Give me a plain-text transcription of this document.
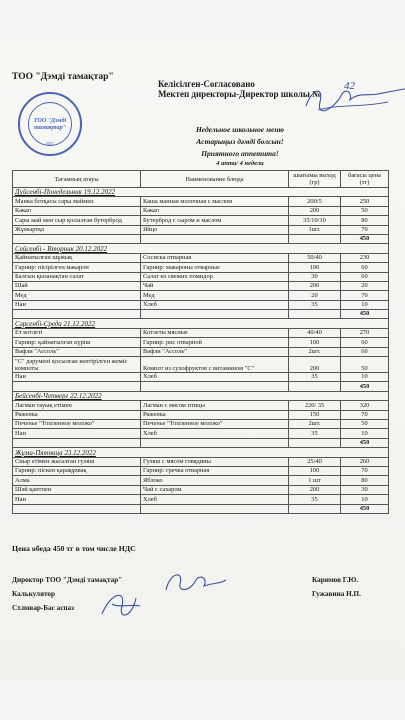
ТОО "Дэмді тамақтар"
Келісілген-Согласовано
Мектеп директоры-Директор школы №
ТОО "Дэмді тамақтар"
НДС
42
Недельное школьное меню
Астарыңыз дәмді болсын!
Приятного аппетита!
4 апта/ 4 недели
Тағамның атауы	Наименование блюда	шығымы выход (гр)	бағасы цена (тг)
Дүйсенбі-Понедельник 19.12.2022			
Манка ботқасы сары маймен	Каша манная молочная с маслом	200/5	250
Какао	Какао	200	50
Сары май мен сыр қосылған бутерброд	Бутерброд с сыром и маслом	35/10/10	80
Жұмыртқа	Яйцо	1шт.	70
			450
Сейсенбі - Вторник 20.12.2022			
Қайнатылған шұжық	Сосиска отварная	50/40	230
Гарнир: пісірілген макарон	Гарнир: макароны отварные	100	60
Балғын қызанақтан салат	Салат из свежих помидор	30	60
Шай	Чай	200	20
Мед	Мед	20	70
Нан	Хлеб	35	10
			450
Сәрсенбі-Среда 21.12.2022			
Ет котлеті	Котлеты мясные	40/40	270
Гарнир: қайнатылған күріш	Гарнир: рис отварной	100	60
Вафли "Ассоль"	Вафли "Ассоль"	2шт.	60
"С" дәрумені қосылған кептірілген жеміс компоты	Компот из сухофруктов с витамином "С"	200	50
Нан	Хлеб	35	10
			450
Бейсенбі-Четверг 22.12.2022			
Лагман тауық етімен	Лагман с мясом птицы	220/ 35	320
Ряженка	Ряженка	150	70
Печенье "Топленное молоко"	Печенье "Топленное молоко"	2шт.	50
Нан	Хлеб	35	10
			450
Жұма-Пятница 23.12.2022			
Сиыр етімен жасалған гуляш	Гуляш с мясом говядины	25/40	260
Гарнир: піскен қарақұмық	Гарнир: гречка отварная	100	70
Алма	Яблоко	1 шт	80
Шәй қантпен	Чай с сахаром	200	30
Нан	Хлеб	35	10
			450
Цена обеда 450 тг в том числе НДС
Директор ТОО "Дэмді тамақтар"	Каримов Г.Ю.
Калькулятор	Гужавина Н.П.
Ст.повар-Бас аспаз
